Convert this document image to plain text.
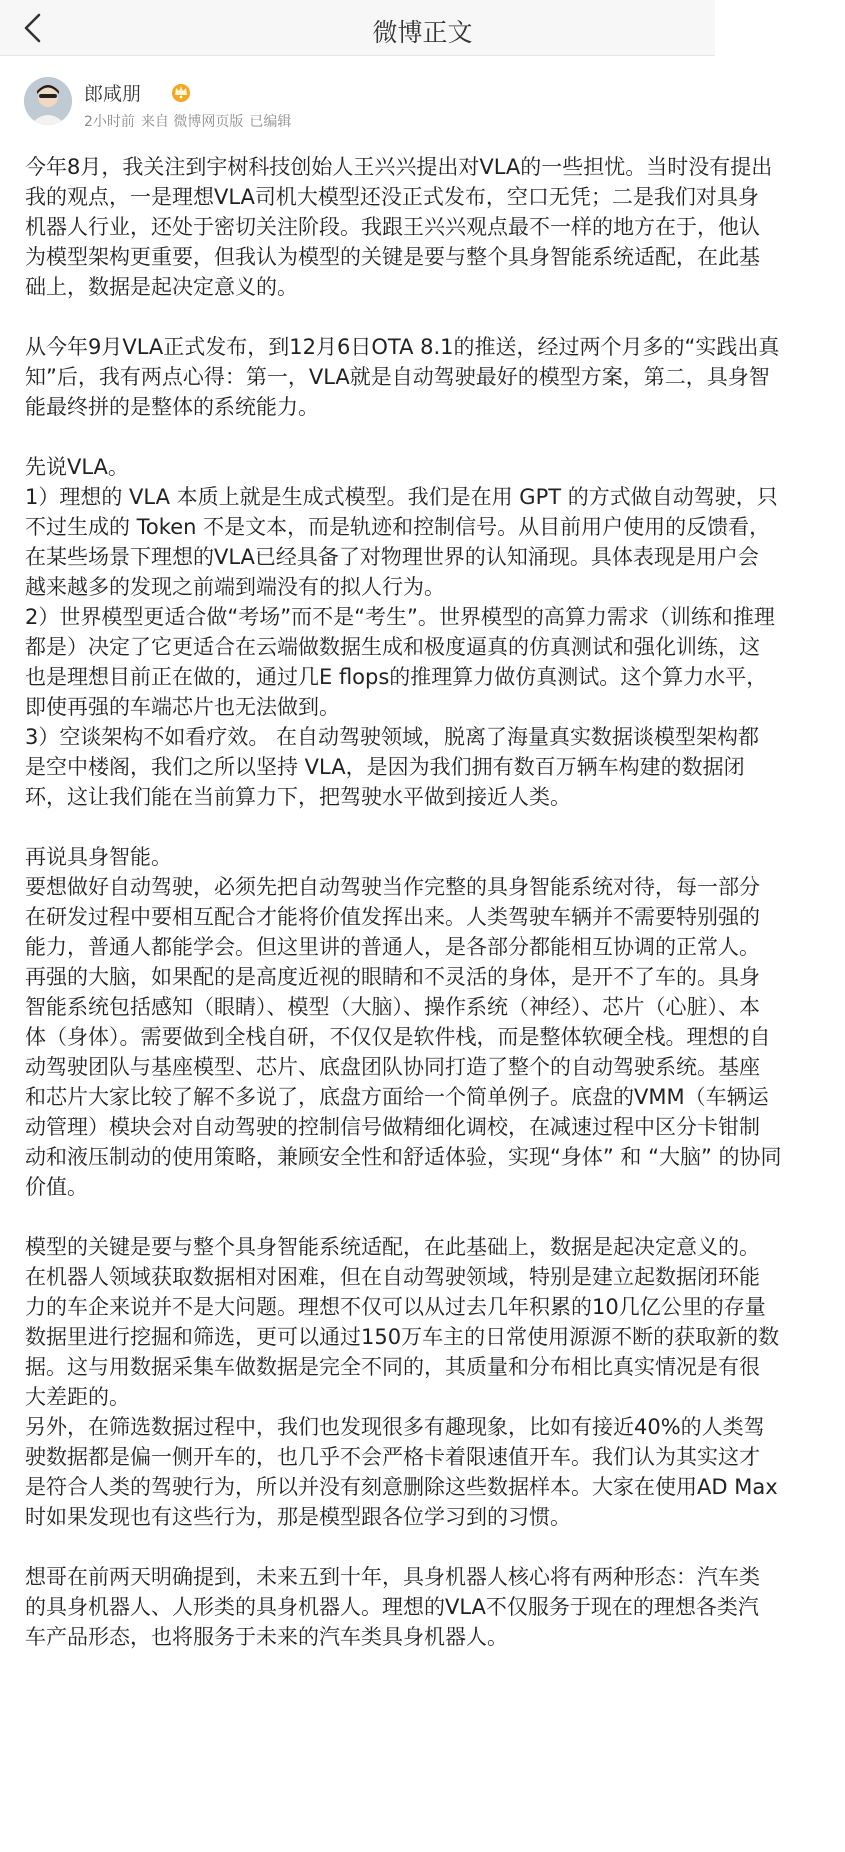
微博正文
郎咸朋
2小时前 来自 微博网页版 已编辑

今年8月，我关注到宇树科技创始人王兴兴提出对VLA的一些担忧。当时没有提出
我的观点，一是理想VLA司机大模型还没正式发布，空口无凭；二是我们对具身
机器人行业，还处于密切关注阶段。我跟王兴兴观点最不一样的地方在于，他认
为模型架构更重要，但我认为模型的关键是要与整个具身智能系统适配，在此基
础上，数据是起决定意义的。

从今年9月VLA正式发布，到12月6日OTA 8.1的推送，经过两个月多的“实践出真
知”后，我有两点心得：第一，VLA就是自动驾驶最好的模型方案，第二，具身智
能最终拼的是整体的系统能力。

先说VLA。
1）理想的 VLA 本质上就是生成式模型。我们是在用 GPT 的方式做自动驾驶，只
不过生成的 Token 不是文本，而是轨迹和控制信号。从目前用户使用的反馈看，
在某些场景下理想的VLA已经具备了对物理世界的认知涌现。具体表现是用户会
越来越多的发现之前端到端没有的拟人行为。
2）世界模型更适合做“考场”而不是“考生”。世界模型的高算力需求（训练和推理
都是）决定了它更适合在云端做数据生成和极度逼真的仿真测试和强化训练，这
也是理想目前正在做的，通过几E flops的推理算力做仿真测试。这个算力水平，
即使再强的车端芯片也无法做到。
3）空谈架构不如看疗效。 在自动驾驶领域，脱离了海量真实数据谈模型架构都
是空中楼阁，我们之所以坚持 VLA，是因为我们拥有数百万辆车构建的数据闭
环，这让我们能在当前算力下，把驾驶水平做到接近人类。

再说具身智能。
要想做好自动驾驶，必须先把自动驾驶当作完整的具身智能系统对待，每一部分
在研发过程中要相互配合才能将价值发挥出来。人类驾驶车辆并不需要特别强的
能力，普通人都能学会。但这里讲的普通人，是各部分都能相互协调的正常人。
再强的大脑，如果配的是高度近视的眼睛和不灵活的身体，是开不了车的。具身
智能系统包括感知（眼睛）、模型（大脑）、操作系统（神经）、芯片（心脏）、本
体（身体）。需要做到全栈自研，不仅仅是软件栈，而是整体软硬全栈。理想的自
动驾驶团队与基座模型、芯片、底盘团队协同打造了整个的自动驾驶系统。基座
和芯片大家比较了解不多说了，底盘方面给一个简单例子。底盘的VMM（车辆运
动管理）模块会对自动驾驶的控制信号做精细化调校，在减速过程中区分卡钳制
动和液压制动的使用策略，兼顾安全性和舒适体验，实现“身体” 和 “大脑” 的协同
价值。

模型的关键是要与整个具身智能系统适配，在此基础上，数据是起决定意义的。
在机器人领域获取数据相对困难，但在自动驾驶领域，特别是建立起数据闭环能
力的车企来说并不是大问题。理想不仅可以从过去几年积累的10几亿公里的存量
数据里进行挖掘和筛选，更可以通过150万车主的日常使用源源不断的获取新的数
据。这与用数据采集车做数据是完全不同的，其质量和分布相比真实情况是有很
大差距的。
另外，在筛选数据过程中，我们也发现很多有趣现象，比如有接近40%的人类驾
驶数据都是偏一侧开车的，也几乎不会严格卡着限速值开车。我们认为其实这才
是符合人类的驾驶行为，所以并没有刻意删除这些数据样本。大家在使用AD Max
时如果发现也有这些行为，那是模型跟各位学习到的习惯。

想哥在前两天明确提到，未来五到十年，具身机器人核心将有两种形态：汽车类
的具身机器人、人形类的具身机器人。理想的VLA不仅服务于现在的理想各类汽
车产品形态，也将服务于未来的汽车类具身机器人。
